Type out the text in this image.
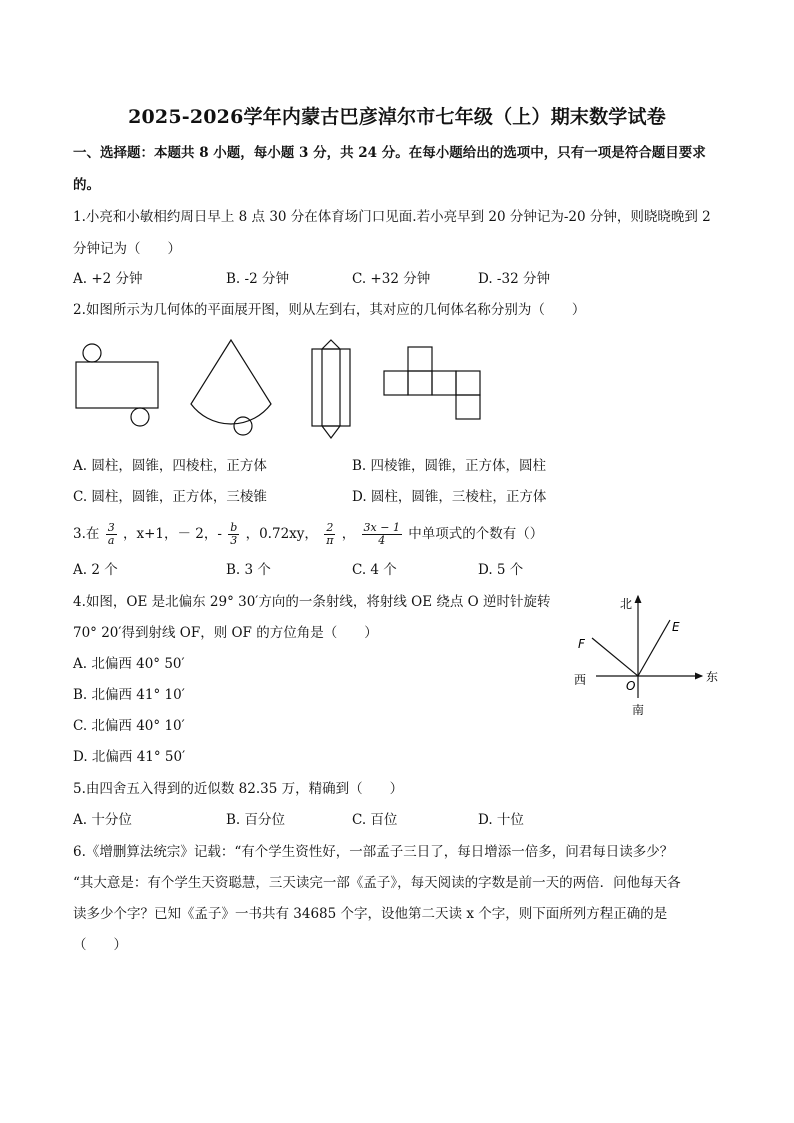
2025-2026学年内蒙古巴彦淖尔市七年级（上）期末数学试卷
一、选择题：本题共 8 小题，每小题 3 分，共 24 分。在每小题给出的选项中，只有一项是符合题目要求
的。
1.小亮和小敏相约周日早上 8 点 30 分在体育场门口见面.若小亮早到 20 分钟记为-20 分钟，则晓晓晚到 2
分钟记为（　　）
A. +2 分钟	B. -2 分钟	C. +32 分钟	D. -32 分钟
2.如图所示为几何体的平面展开图，则从左到右，其对应的几何体名称分别为（　　）
A. 圆柱，圆锥，四棱柱，正方体	B. 四棱锥，圆锥，正方体，圆柱
C. 圆柱，圆锥，正方体，三棱锥	D. 圆柱，圆锥，三棱柱，正方体
3.在 $\frac{3}{a}$ ，x+1，－ 2，- $\frac{b}{3}$ ，0.72xy， $\frac{2}{\pi}$ ， $\frac{3x - 1}{4}$ 中单项式的个数有（）
A. 2 个	B. 3 个	C. 4 个	D. 5 个
4.如图，OE 是北偏东 29° 30′方向的一条射线，将射线 OE 绕点 O 逆时针旋转
70° 20′得到射线 OF，则 OF 的方位角是（　　）
A. 北偏西 40° 50′
B. 北偏西 41° 10′
C. 北偏西 40° 10′
D. 北偏西 41° 50′
北
南
东
西	O
E
F
5.由四舍五入得到的近似数 82.35 万，精确到（　　）
A. 十分位	B. 百分位	C. 百位	D. 十位
6.《增删算法统宗》记载：“有个学生资性好，一部孟子三日了，每日增添一倍多，问君每日读多少？
“其大意是：有个学生天资聪慧，三天读完一部《孟子》，每天阅读的字数是前一天的两倍．问他每天各
读多少个字？已知《孟子》一书共有 34685 个字，设他第二天读 x 个字，则下面所列方程正确的是
（　　）
